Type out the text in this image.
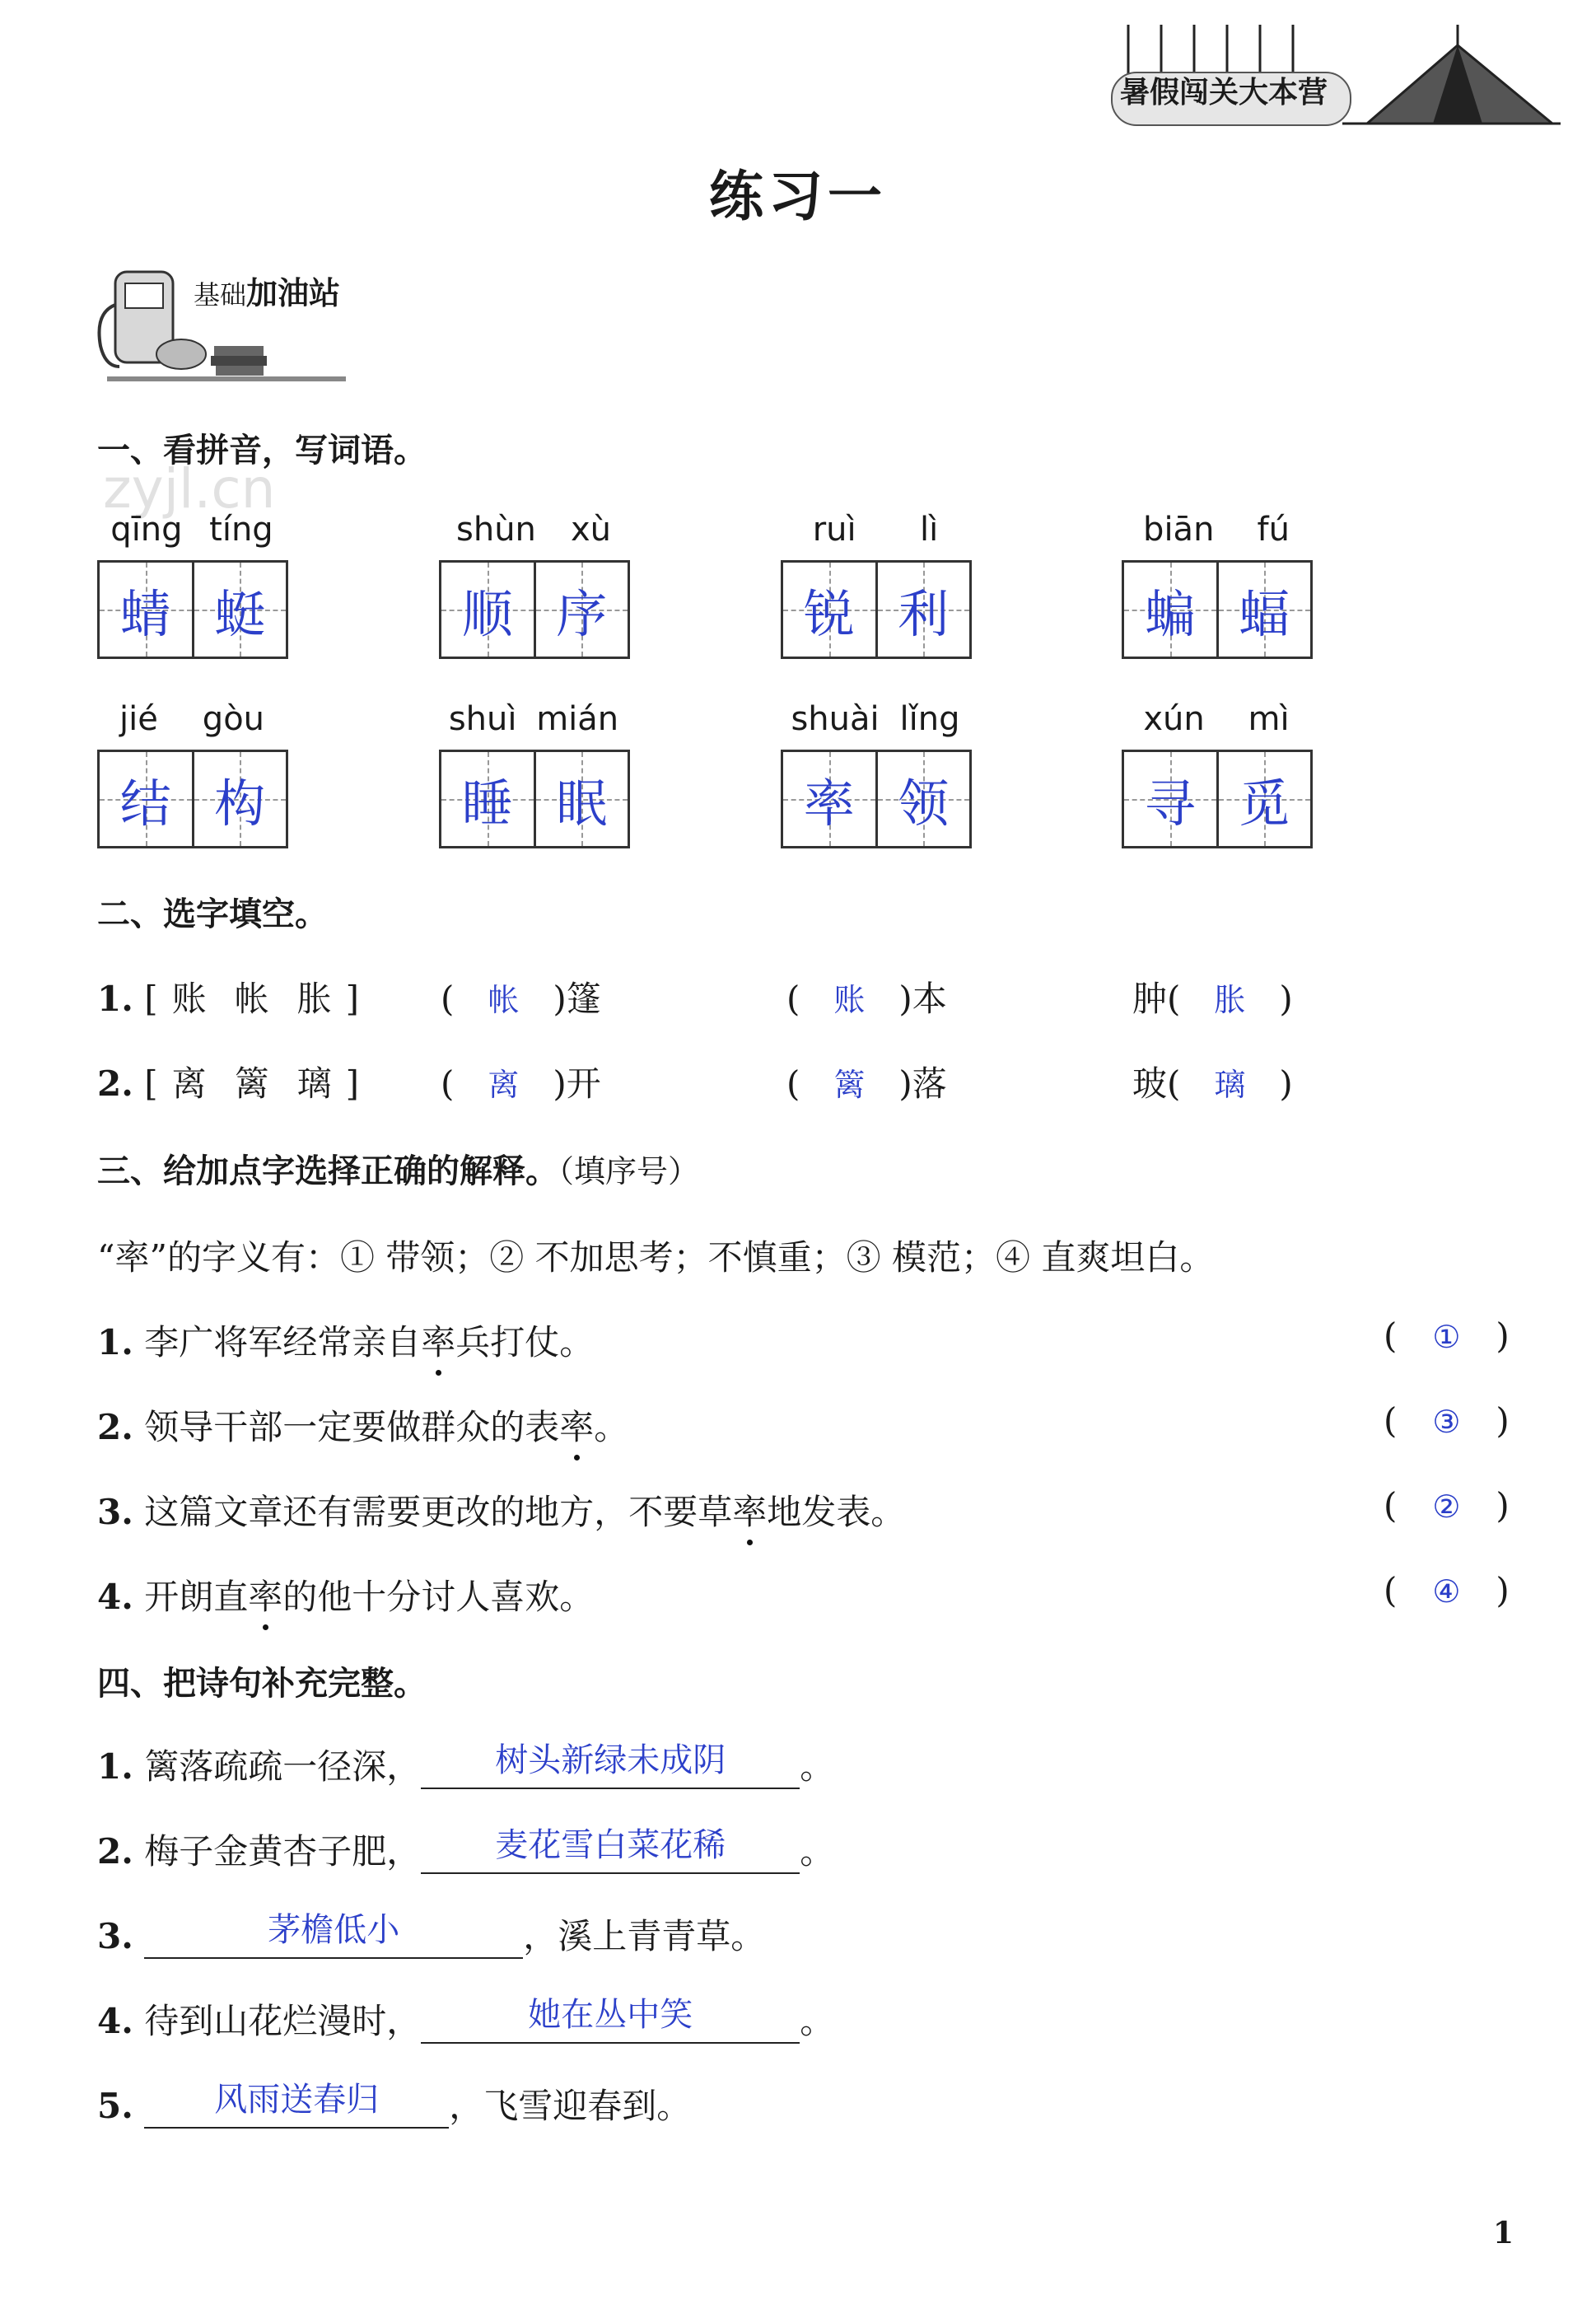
暑假闯关大本营
练习一
基础加油站
zyjl.cn
一、看拼音，写词语。
qīng tíng
蜻 蜓
shùn xù
顺 序
ruì lì
锐 利
biān fú
蝙 蝠
jié gòu
结 构
shuì mián
睡 眠
shuài lǐng
率 领
xún mì
寻 觅
二、选字填空。
1. [ 账 帐 胀 ] ( 帐 )篷	( 账 )本	肿( 胀 )
2. [ 离 篱 璃 ] ( 离 )开	( 篱 )落	玻( 璃 )
三、给加点字选择正确的解释。（填序号）
“率”的字义有：① 带领；② 不加思考；不慎重；③ 模范；④ 直爽坦白。
1. 李广将军经常亲自率兵打仗。	( ① )
2. 领导干部一定要做群众的表率。	( ③ )
3. 这篇文章还有需要更改的地方，不要草率地发表。	( ② )
4. 开朗直率的他十分讨人喜欢。	( ④ )
四、把诗句补充完整。
1. 篱落疏疏一径深， 树头新绿未成阴 。
2. 梅子金黄杏子肥， 麦花雪白菜花稀 。
3.	茅檐低小	，溪上青青草。
4. 待到山花烂漫时，	她在丛中笑	。
5. 风雨送春归 ，飞雪迎春到。
1
